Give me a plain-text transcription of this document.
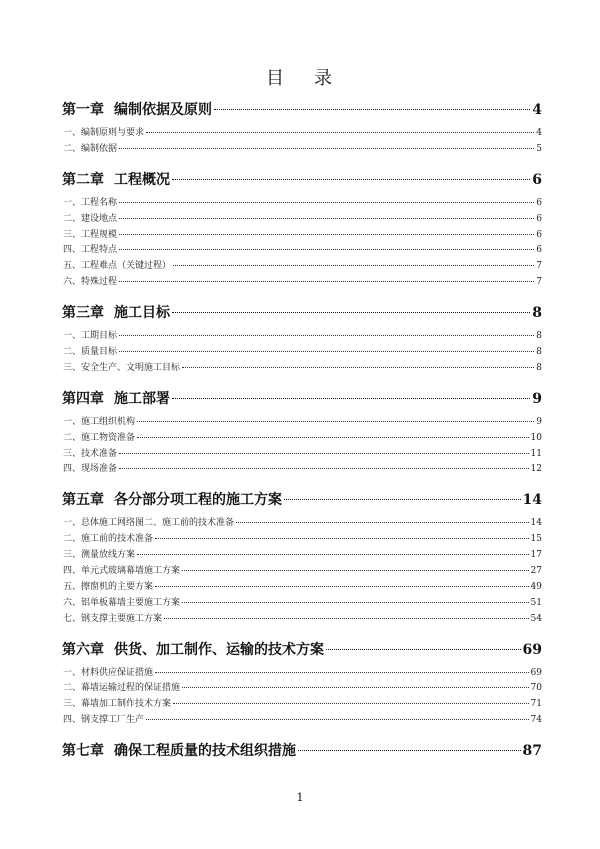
目 录
第一章 编制依据及原则	4
一、编制原则与要求	4
二、编制依据	5
第二章 工程概况	6
一、工程名称	6
二、建设地点	6
三、工程规模	6
四、工程特点	6
五、工程难点（关键过程）	7
六、特殊过程	7
第三章 施工目标	8
一、工期目标	8
二、质量目标	8
三、安全生产、文明施工目标	8
第四章 施工部署	9
一、施工组织机构	9
二、施工物资准备	10
三、技术准备	11
四、现场准备	12
第五章 各分部分项工程的施工方案	14
一、总体施工网络图二、施工前的技术准备	14
二、施工前的技术准备	15
三、测量放线方案	17
四、单元式玻璃幕墙施工方案	27
五、擦窗机的主要方案	49
六、铝单板幕墙主要施工方案	51
七、钢支撑主要施工方案	54
第六章 供货、加工制作、运输的技术方案	69
一、材料供应保证措施	69
二、幕墙运输过程的保证措施	70
三、幕墙加工制作技术方案	71
四、钢支撑工厂生产	74
第七章 确保工程质量的技术组织措施	87
1
